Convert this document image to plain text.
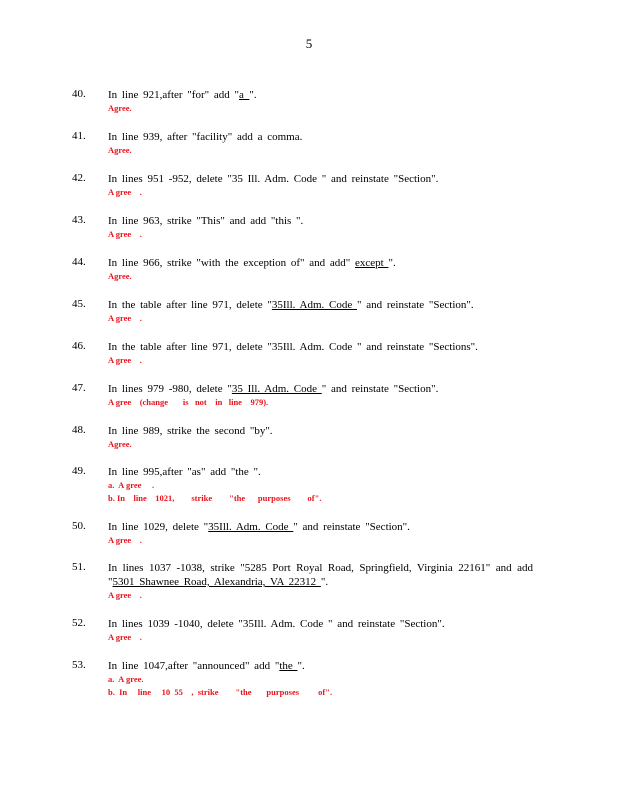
5
40. In line 921,after "for" add "a_".
Agree.
41. In line 939, after "facility" add a comma.
Agree.
42. In lines 951 -952, delete "35 Ill. Adm. Code " and reinstate "Section".
A gree    .
43. In line 963, strike "This" and add "this ".
A gree    .
44. In line 966, strike "with the exception of" and add" except ".
Agree.
45. In the table after line 971, delete "35Ill. Adm. Code " and reinstate "Section".
A gree    .
46. In the table after line 971, delete "35Ill. Adm. Code " and reinstate "Sections".
A gree    .
47. In lines 979 -980, delete "35 Ill. Adm. Code " and reinstate "Section".
A gree    (change       is   not    in   line    979).
48. In line 989, strike the second "by".
Agree.
49. In line 995,after "as" add "the ".
a.  A gree     .
b. In    line    1021,        strike        "the      purposes        of".
50. In line 1029, delete "35Ill. Adm. Code " and reinstate "Section".
A gree    .
51. In lines 1037 -1038, strike "5285 Port Royal Road, Springfield, Virginia 22161" and add
"5301 Shawnee Road, Alexandria, VA 22312 ".
A gree    .
52. In lines 1039 -1040, delete "35Ill. Adm. Code " and reinstate "Section".
A gree    .
53. In line 1047,after "announced" add "the ".
a.  A gree.
b.  In     line     10  55    ,  strike        "the       purposes         of".
